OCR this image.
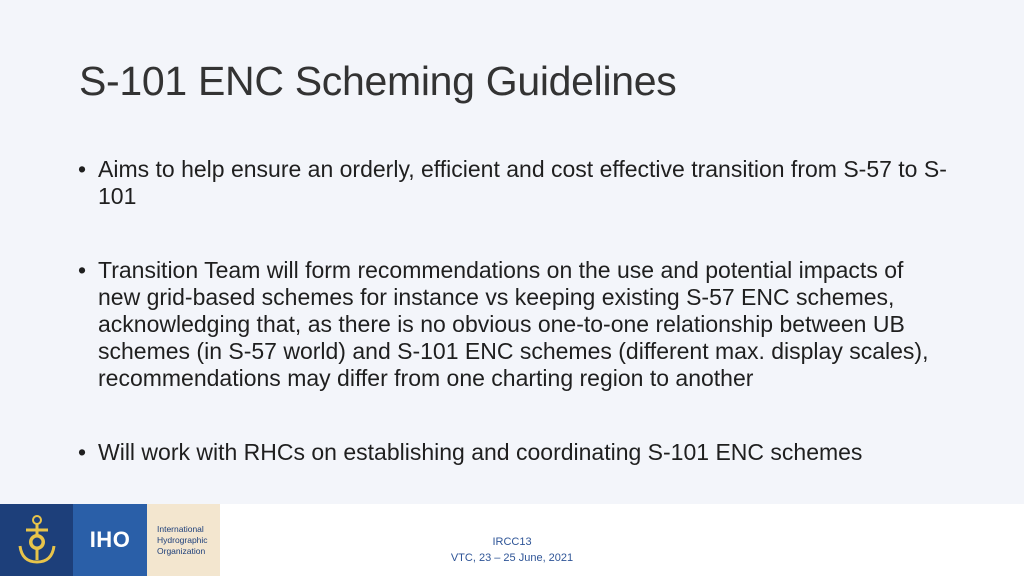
S-101 ENC Scheming Guidelines
• Aims to help ensure an orderly, efficient and cost effective transition from S-57 to S-101
• Transition Team will form recommendations on the use and potential impacts of new grid-based schemes for instance vs keeping existing S-57 ENC schemes, acknowledging that, as there is no obvious one-to-one relationship between UB schemes (in S-57 world) and S-101 ENC schemes (different max. display scales), recommendations may differ from one charting region to another
• Will work with RHCs on establishing and coordinating S-101 ENC schemes
IHO	International
Hydrographic
Organization
IRCC13
VTC, 23 – 25 June, 2021
